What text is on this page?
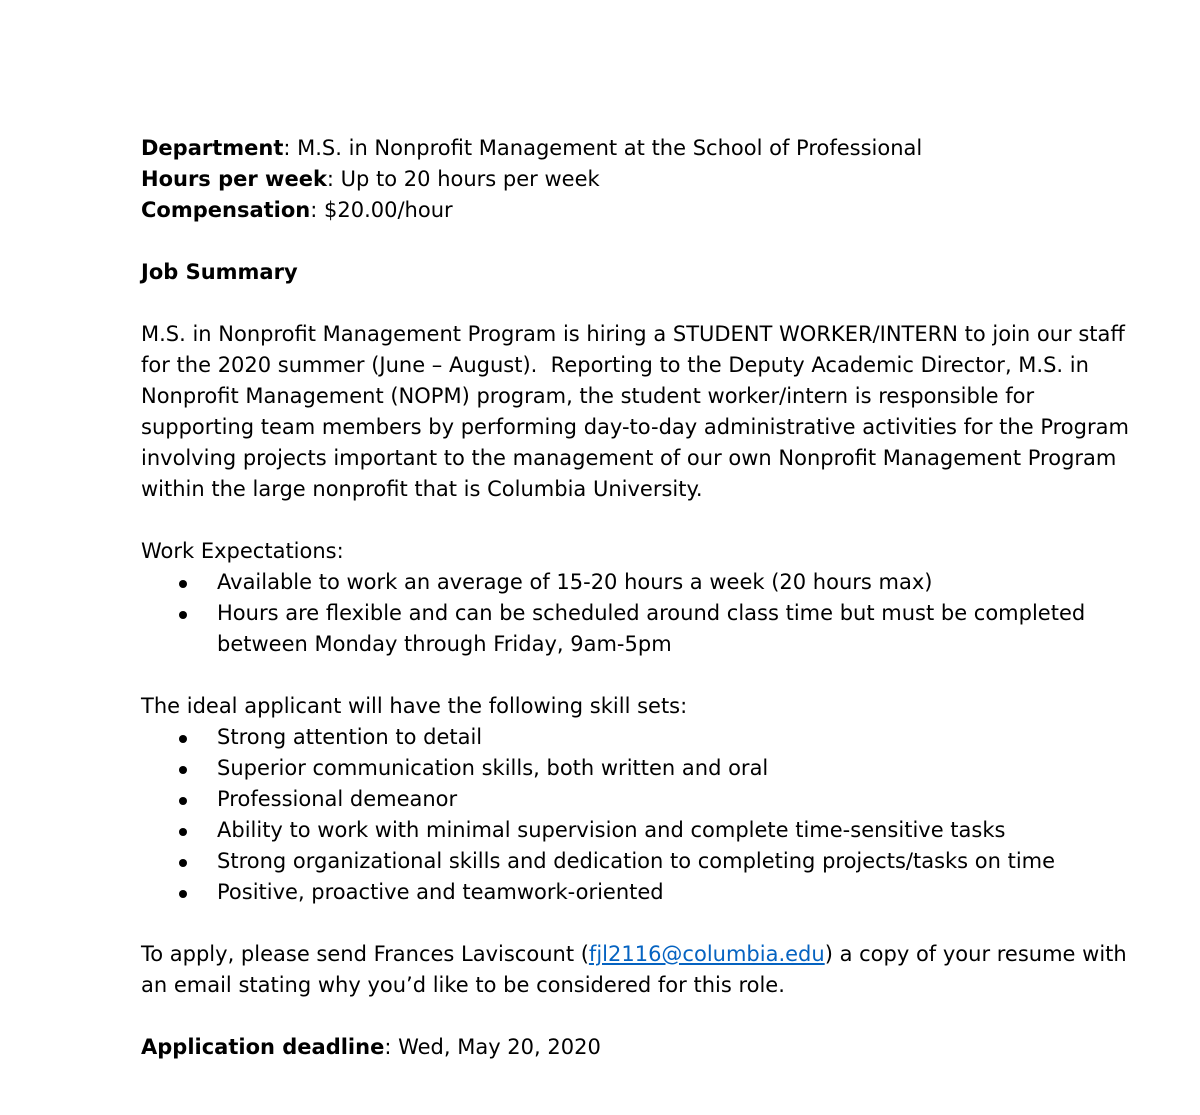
Department: M.S. in Nonprofit Management at the School of Professional
Hours per week: Up to 20 hours per week
Compensation: $20.00/hour
Job Summary
M.S. in Nonprofit Management Program is hiring a STUDENT WORKER/INTERN to join our staff
for the 2020 summer (June – August).  Reporting to the Deputy Academic Director, M.S. in
Nonprofit Management (NOPM) program, the student worker/intern is responsible for
supporting team members by performing day-to-day administrative activities for the Program
involving projects important to the management of our own Nonprofit Management Program
within the large nonprofit that is Columbia University.
Work Expectations:
Available to work an average of 15-20 hours a week (20 hours max)
Hours are flexible and can be scheduled around class time but must be completed
between Monday through Friday, 9am-5pm
The ideal applicant will have the following skill sets:
Strong attention to detail
Superior communication skills, both written and oral
Professional demeanor
Ability to work with minimal supervision and complete time-sensitive tasks
Strong organizational skills and dedication to completing projects/tasks on time
Positive, proactive and teamwork-oriented
To apply, please send Frances Laviscount (fjl2116@columbia.edu) a copy of your resume with
an email stating why you’d like to be considered for this role.
Application deadline: Wed, May 20, 2020
